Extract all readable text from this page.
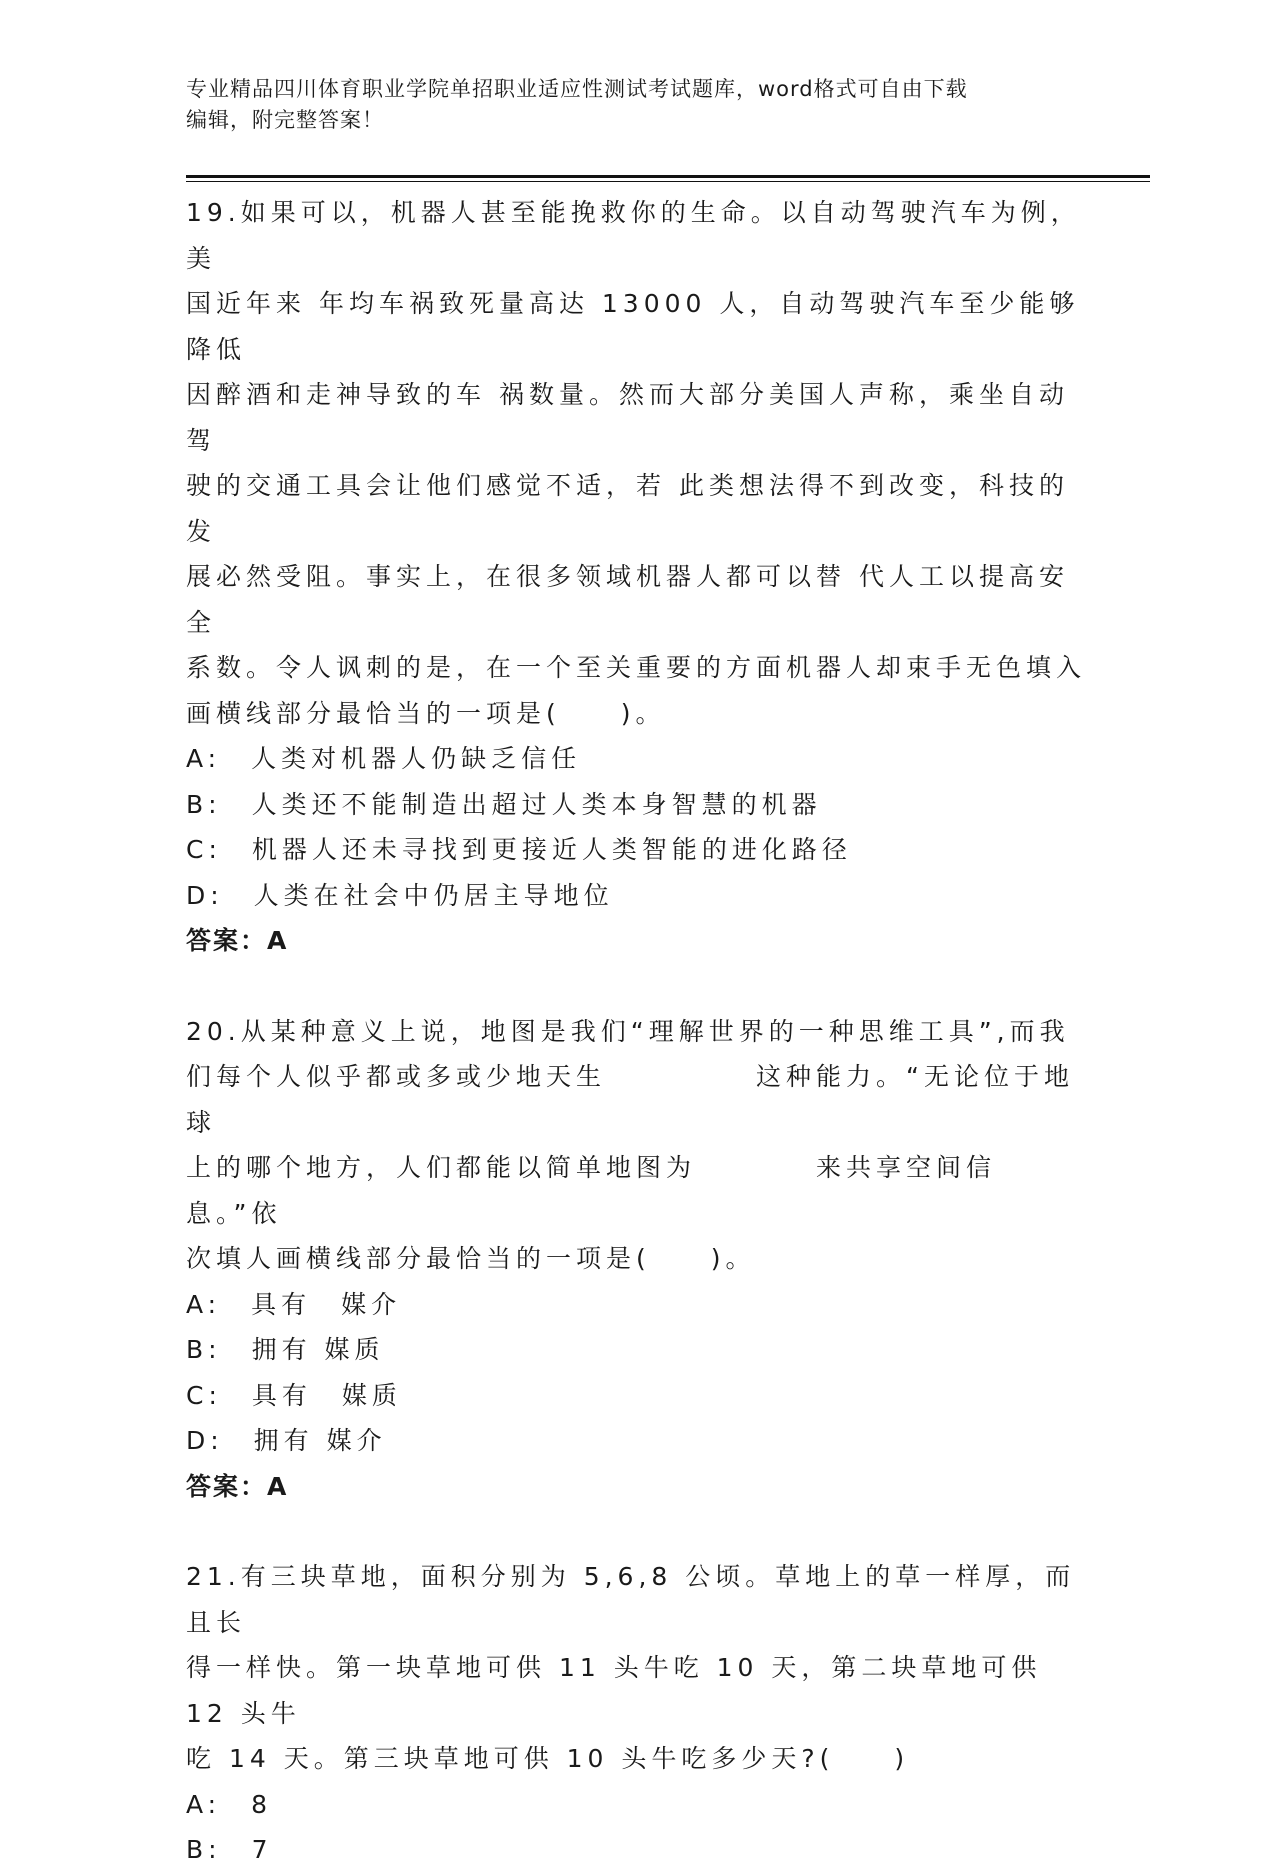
专业精品四川体育职业学院单招职业适应性测试考试题库，word格式可自由下载
编辑，附完整答案！

19.如果可以，机器人甚至能挽救你的生命。以自动驾驶汽车为例，美

国近年来 年均车祸致死量高达 13000 人，自动驾驶汽车至少能够降低

因醉酒和走神导致的车 祸数量。然而大部分美国人声称，乘坐自动驾

驶的交通工具会让他们感觉不适，若 此类想法得不到改变，科技的发

展必然受阻。事实上，在很多领域机器人都可以替 代人工以提高安全

系数。令人讽刺的是，在一个至关重要的方面机器人却束手无色填入

画横线部分最恰当的一项是(　　)。

A:　人类对机器人仍缺乏信任

B:　人类还不能制造出超过人类本身智慧的机器

C:　机器人还未寻找到更接近人类智能的进化路径

D:　人类在社会中仍居主导地位

答案：A

20.从某种意义上说，地图是我们“理解世界的一种思维工具”,而我

们每个人似乎都或多或少地天生　　　　　这种能力。“无论位于地球

上的哪个地方，人们都能以简单地图为　　　　来共享空间信息。”依

次填人画横线部分最恰当的一项是(　　)。

A:　具有　媒介

B:　拥有 媒质

C:　具有　媒质

D:　拥有 媒介

答案：A

21.有三块草地，面积分别为 5,6,8 公顷。草地上的草一样厚，而且长

得一样快。第一块草地可供 11 头牛吃 10 天，第二块草地可供 12 头牛

吃 14 天。第三块草地可供 10 头牛吃多少天?(　　)

A:　8

B:　7
